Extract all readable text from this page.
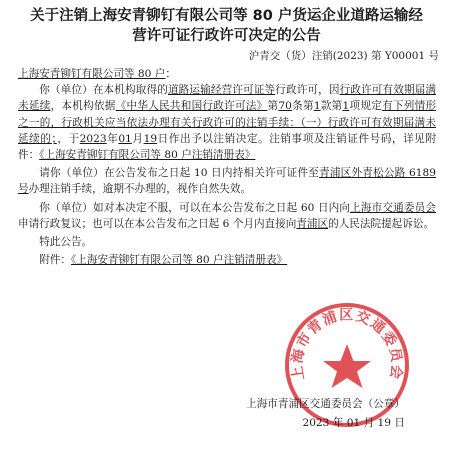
关于注销上海安青铆钉有限公司等 80 户货运企业道路运输经
营许可证行政许可决定的公告
沪青交（货）注销(2023) 第 Y00001 号

上海安青铆钉有限公司等 80 户：

你（单位）在本机构取得的道路运输经营许可证等行政许可，因行政许可有效期届满未延续，本机构依据《中华人民共和国行政许可法》第70条第1款第1项规定有下列情形之一的，行政机关应当依法办理有关行政许可的注销手续：（一）行政许可有效期届满未延续的；，于2023年01月19日作出予以注销决定。注销事项及注销证件号码，详见附件：《上海安青铆钉有限公司等 80 户注销清册表》

请你（单位）在公告发布之日起 10 日内持相关许可证件至青浦区外青松公路 6189 号办理注销手续，逾期不办理的，视作自然失效。

你（单位）如对本决定不服，可以在本公告发布之日起 60 日内向上海市交通委员会申请行政复议；也可以在本公告发布之日起 6 个月内直接向青浦区的人民法院提起诉讼。

特此公告。

附件：《上海安青铆钉有限公司等 80 户注销清册表》

上海市青浦区交通委员会
上海市青浦区交通委员会（公章）
2023 年 01 月 19 日
